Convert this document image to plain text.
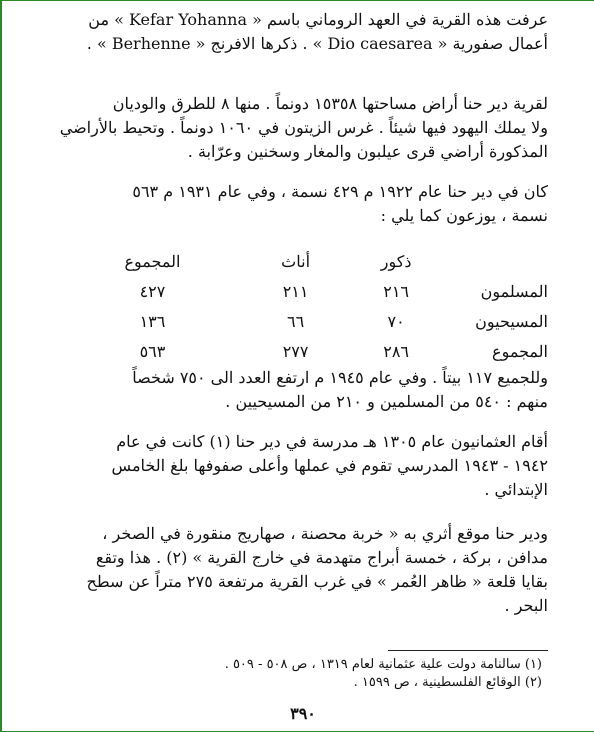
عرفت هذه القرية في العهد الروماني باسم « Kefar Yohanna » من
أعمال صفورية « Dio caesarea » . ذكرها الافرنج « Berhenne » .
لقرية دير حنا أراض مساحتها ١٥٣٥٨ دونماً . منها ٨ للطرق والوديان
ولا يملك اليهود فيها شيئاً . غرس الزيتون في ١٠٦٠ دونماً . وتحيط بالأراضي
المذكورة أراضي قرى عيلبون والمغار وسخنين وعرّابة .
كان في دير حنا عام ١٩٢٢ م ٤٢٩ نسمة ، وفي عام ١٩٣١ م ٥٦٣
نسمة ، يوزعون كما يلي :
	ذكور	أناث	المجموع
المسلمون	٢١٦	٢١١	٤٢٧
المسيحيون	٧٠	٦٦	١٣٦
المجموع	٢٨٦	٢٧٧	٥٦٣
وللجميع ١١٧ بيتاً . وفي عام ١٩٤٥ م ارتفع العدد الى ٧٥٠ شخصاً
منهم : ٥٤٠ من المسلمين و ٢١٠ من المسيحيين .
أقام العثمانيون عام ١٣٠٥ هـ مدرسة في دير حنا (١) كانت في عام
١٩٤٢ - ١٩٤٣ المدرسي تقوم في عملها وأعلى صفوفها بلغ الخامس
الإبتدائي .
ودير حنا موقع أثري به « خربة محصنة ، صهاريج منقورة في الصخر ،
مدافن ، بركة ، خمسة أبراج متهدمة في خارج القرية » (٢) . هذا وتقع
بقايا قلعة « ظاهر العُمر » في غرب القرية مرتفعة ٢٧٥ متراً عن سطح
البحر .
(١) سالنامة دولت علية عثمانية لعام ١٣١٩ ، ص ٥٠٨ - ٥٠٩ .
(٢) الوقائع الفلسطينية ، ص ١٥٩٩ .
٣٩٠
